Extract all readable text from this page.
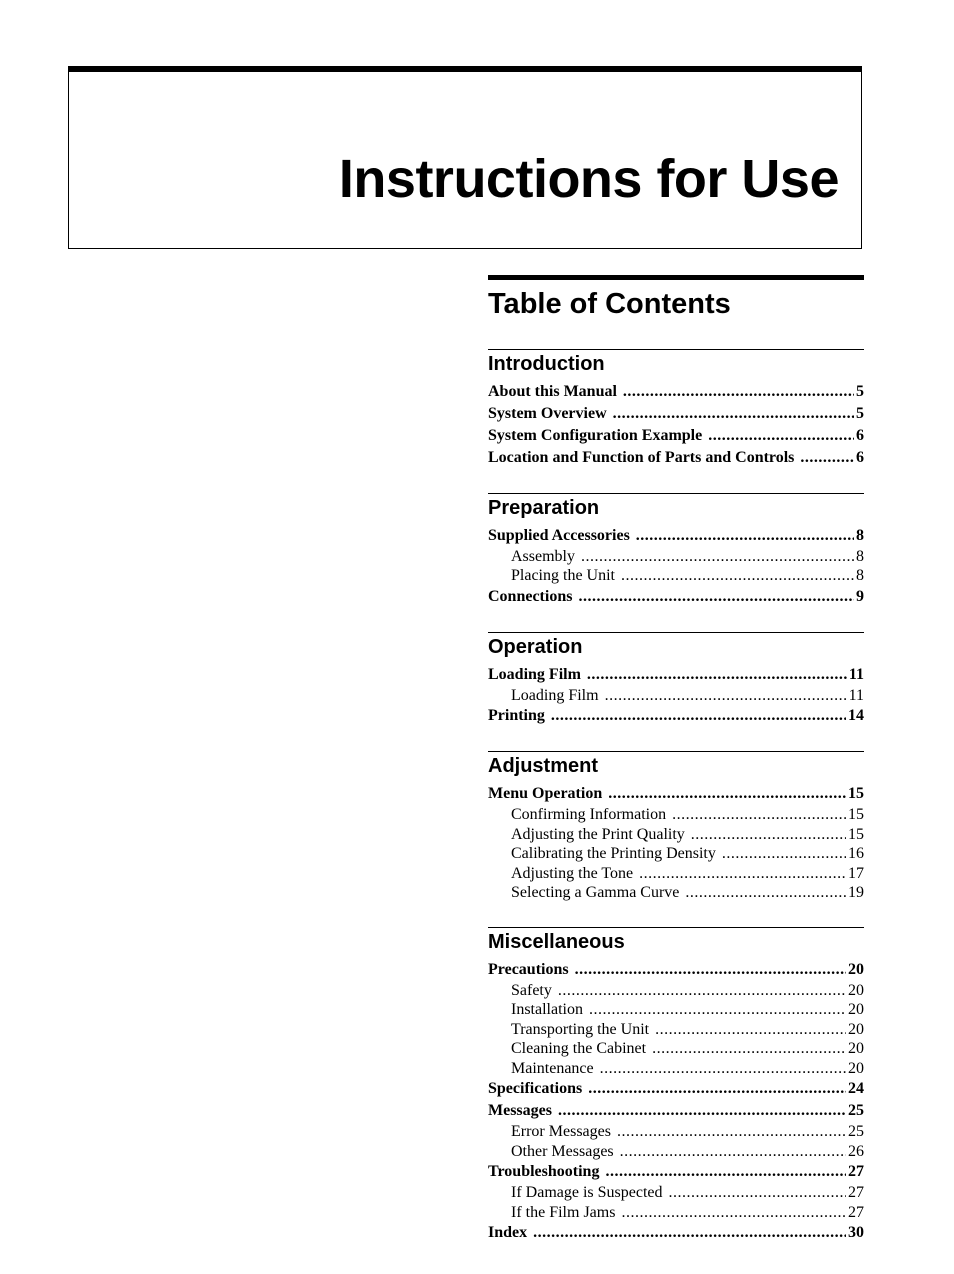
Instructions for Use
Table of Contents
Introduction
About this Manual .....	5
System Overview .....	5
System Configuration Example .....	6
Location and Function of Parts and Controls .....	6
Preparation
Supplied Accessories .....	8
Assembly .....	8
Placing the Unit .....	8
Connections .....	9
Operation
Loading Film .....	11
Loading Film .....	11
Printing .....	14
Adjustment
Menu Operation .....	15
Confirming Information .....	15
Adjusting the Print Quality .....	15
Calibrating the Printing Density .....	16
Adjusting the Tone .....	17
Selecting a Gamma Curve .....	19
Miscellaneous
Precautions .....	20
Safety .....	20
Installation .....	20
Transporting the Unit .....	20
Cleaning the Cabinet .....	20
Maintenance .....	20
Specifications .....	24
Messages .....	25
Error Messages .....	25
Other Messages .....	26
Troubleshooting .....	27
If Damage is Suspected .....	27
If the Film Jams .....	27
Index .....	30
